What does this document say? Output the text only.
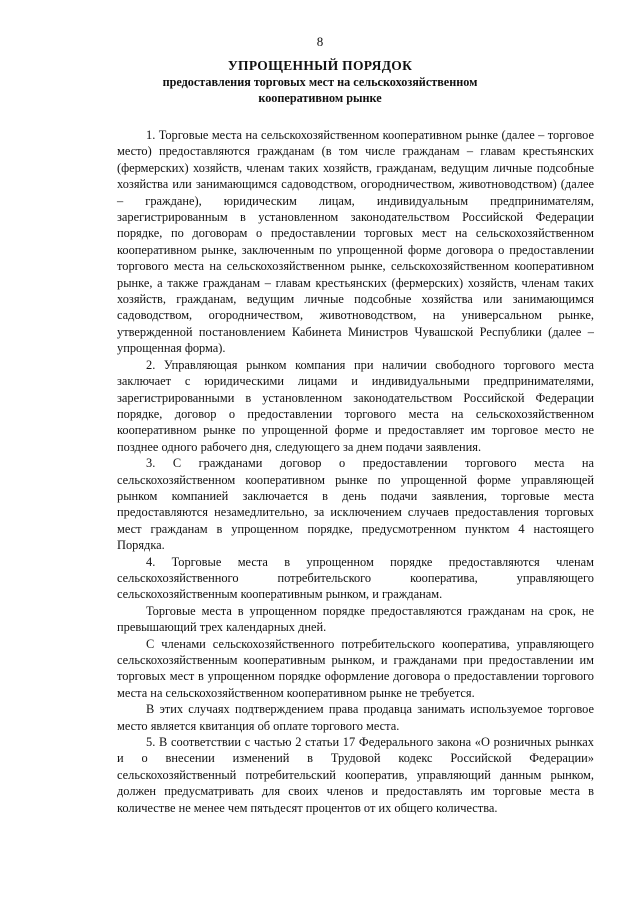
8
УПРОЩЕННЫЙ ПОРЯДОК
предоставления торговых мест на сельскохозяйственном
кооперативном рынке

1. Торговые места на сельскохозяйственном кооперативном рынке (далее – торговое место) предоставляются гражданам (в том числе гражданам – главам крестьянских (фермерских) хозяйств, членам таких хозяйств, гражданам, ведущим личные подсобные хозяйства или занимающимся садоводством, огородничеством, животноводством) (далее – граждане), юридическим лицам, индивидуальным предпринимателям, зарегистрированным в установленном законодательством Российской Федерации порядке, по договорам о предоставлении торговых мест на сельскохозяйственном кооперативном рынке, заключенным по упрощенной форме договора о предоставлении торгового места на сельскохозяйственном рынке, сельскохозяйственном кооперативном рынке, а также гражданам – главам крестьянских (фермерских) хозяйств, членам таких хозяйств, гражданам, ведущим личные подсобные хозяйства или занимающимся садоводством, огородничеством, животноводством, на универсальном рынке, утвержденной постановлением Кабинета Министров Чувашской Республики (далее – упрощенная форма).

2. Управляющая рынком компания при наличии свободного торгового места заключает с юридическими лицами и индивидуальными предпринимателями, зарегистрированными в установленном законодательством Российской Федерации порядке, договор о предоставлении торгового места на сельскохозяйственном кооперативном рынке по упрощенной форме и предоставляет им торговое место не позднее одного рабочего дня, следующего за днем подачи заявления.

3. С гражданами договор о предоставлении торгового места на сельскохозяйственном кооперативном рынке по упрощенной форме управляющей рынком компанией заключается в день подачи заявления, торговые места предоставляются незамедлительно, за исключением случаев предоставления торговых мест гражданам в упрощенном порядке, предусмотренном пунктом 4 настоящего Порядка.

4. Торговые места в упрощенном порядке предоставляются членам сельскохозяйственного потребительского кооператива, управляющего сельскохозяйственным кооперативным рынком, и гражданам.

Торговые места в упрощенном порядке предоставляются гражданам на срок, не превышающий трех календарных дней.

С членами сельскохозяйственного потребительского кооператива, управляющего сельскохозяйственным кооперативным рынком, и гражданами при предоставлении им торговых мест в упрощенном порядке оформление договора о предоставлении торгового места на сельскохозяйственном кооперативном рынке не требуется.

В этих случаях подтверждением права продавца занимать используемое торговое место является квитанция об оплате торгового места.

5. В соответствии с частью 2 статьи 17 Федерального закона «О розничных рынках и о внесении изменений в Трудовой кодекс Российской Федерации» сельскохозяйственный потребительский кооператив, управляющий данным рынком, должен предусматривать для своих членов и предоставлять им торговые места в количестве не менее чем пятьдесят процентов от их общего количества.
